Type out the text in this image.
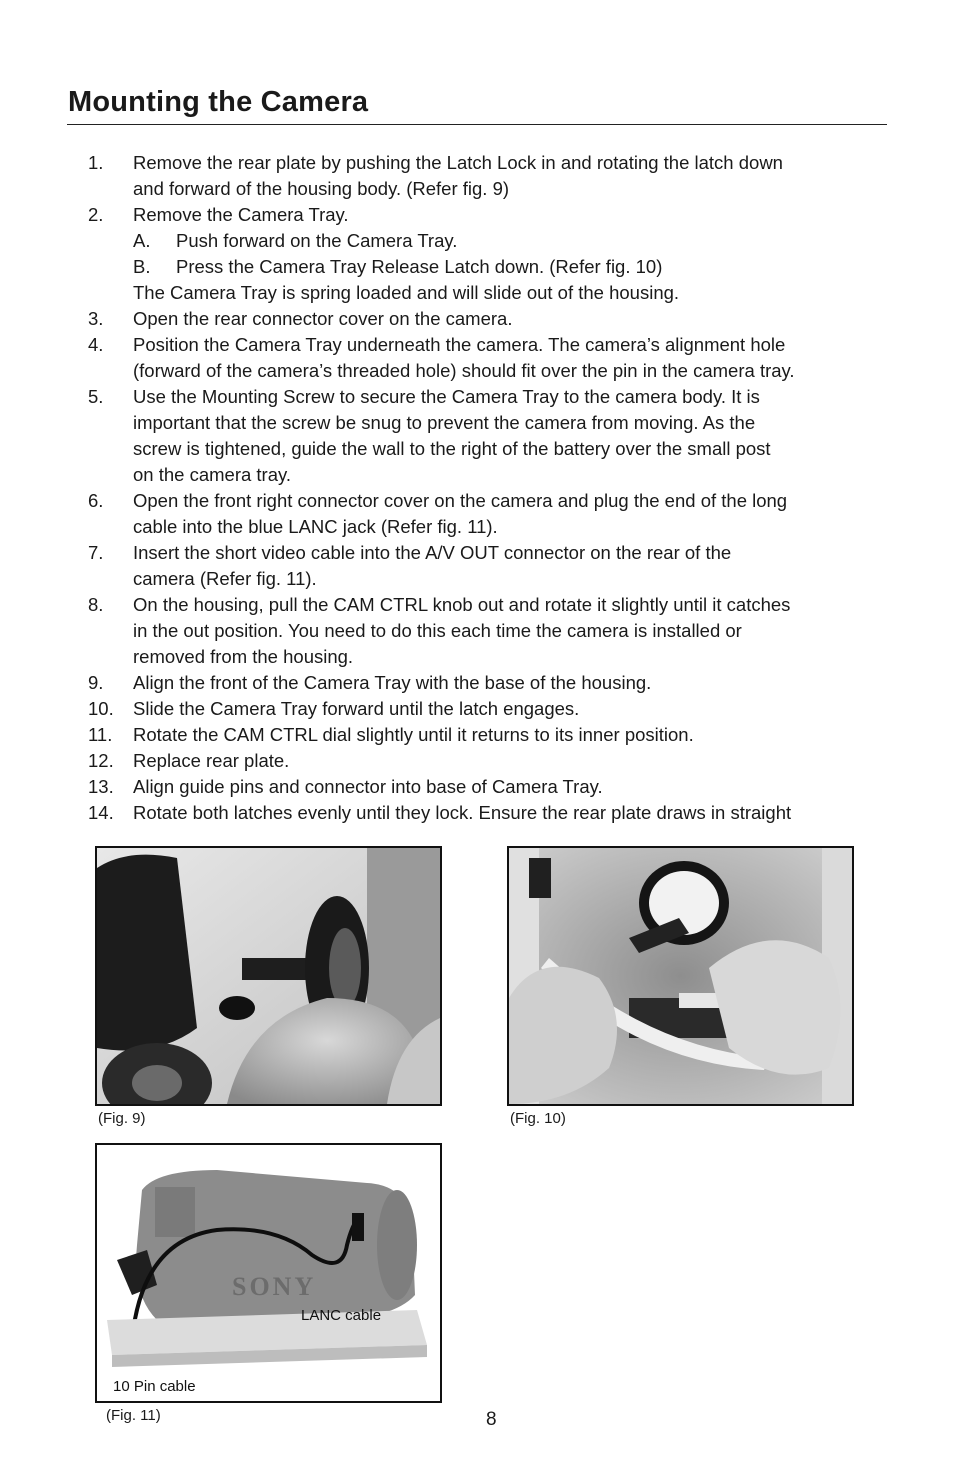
Mounting the Camera
1.	Remove the rear plate by pushing the Latch Lock in and rotating the latch down
and forward of the housing body. (Refer fig. 9)
2.	Remove the Camera Tray.
A. Push forward on the Camera Tray.
B. Press the Camera Tray Release Latch down. (Refer fig. 10)
The Camera Tray is spring loaded and will slide out of the housing.
3.	Open the rear connector cover on the camera.
4.	Position the Camera Tray underneath the camera. The camera’s alignment hole
(forward of the camera’s threaded hole) should fit over the pin in the camera tray.
5.	Use the Mounting Screw to secure the Camera Tray to the camera body. It is
important that the screw be snug to prevent the camera from moving. As the
screw is tightened, guide the wall to the right of the battery over the small post
on the camera tray.
6.	Open the front right connector cover on the camera and plug the end of the long
cable into the blue LANC jack (Refer fig. 11).
7.	Insert the short video cable into the A/V OUT connector on the rear of the
camera (Refer fig. 11).
8.	On the housing, pull the CAM CTRL knob out and rotate it slightly until it catches
in the out position. You need to do this each time the camera is installed or
removed from the housing.
9.	Align the front of the Camera Tray with the base of the housing.
10.	Slide the Camera Tray forward until the latch engages.
11.	Rotate the CAM CTRL dial slightly until it returns to its inner position.
12.	Replace rear plate.
13.	Align guide pins and connector into base of Camera Tray.
14.	Rotate both latches evenly until they lock. Ensure the rear plate draws in straight
(Fig. 9)	(Fig. 10)
SONY
LANC cable
10 Pin cable
(Fig. 11)	8
